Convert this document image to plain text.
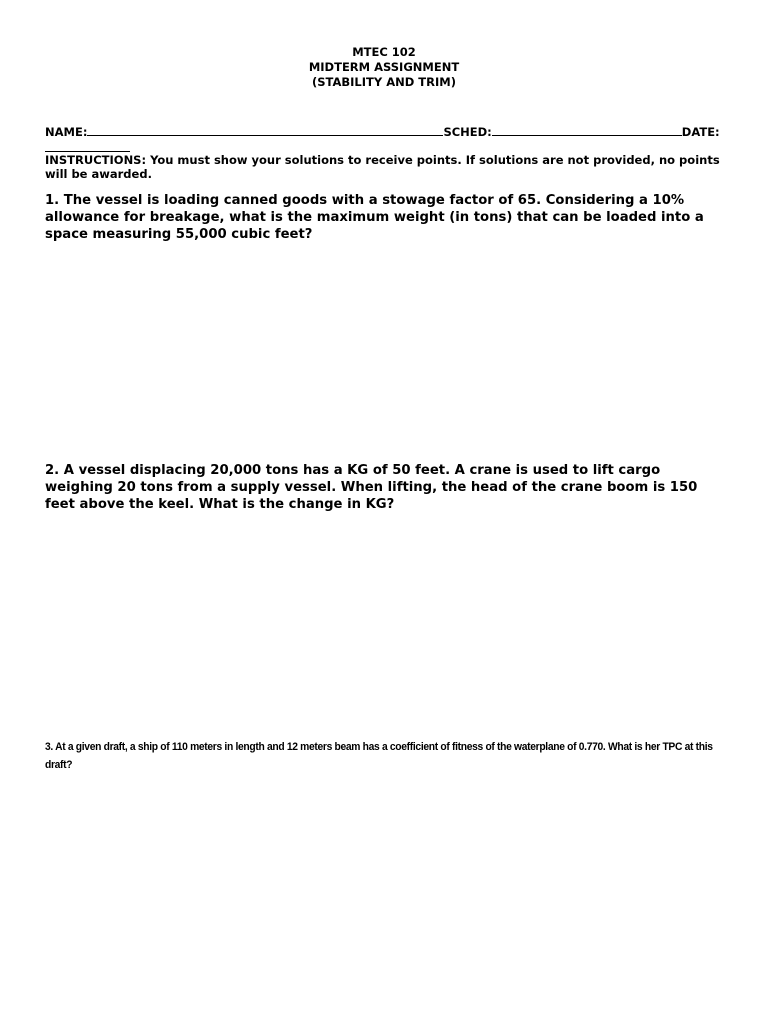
MTEC 102
MIDTERM ASSIGNMENT
(STABILITY AND TRIM)
NAME:	SCHED:	DATE:
INSTRUCTIONS: You must show your solutions to receive points. If solutions are not provided, no points will be awarded.
1. The vessel is loading canned goods with a stowage factor of 65. Considering a 10% allowance for breakage, what is the maximum weight (in tons) that can be loaded into a space measuring 55,000 cubic feet?
2. A vessel displacing 20,000 tons has a KG of 50 feet. A crane is used to lift cargo weighing 20 tons from a supply vessel. When lifting, the head of the crane boom is 150 feet above the keel. What is the change in KG?
3. At a given draft, a ship of 110 meters in length and 12 meters beam has a coefficient of fitness of the waterplane of 0.770. What is her TPC at this draft?
